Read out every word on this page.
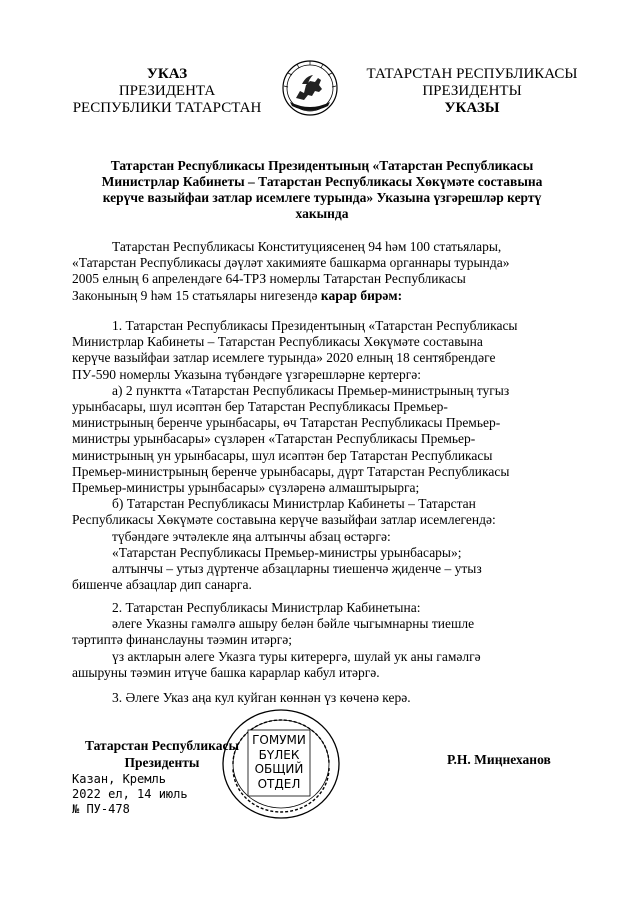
УКАЗ
ПРЕЗИДЕНТА
РЕСПУБЛИКИ ТАТАРСТАН
ТАТАРСТАН РЕСПУБЛИКАСЫ
ПРЕЗИДЕНТЫ
УКАЗЫ
Татарстан Республикасы Президентының «Татарстан Республикасы
Министрлар Кабинеты – Татарстан Республикасы Хөкүмәте составына
керүче вазыйфаи затлар исемлеге турында» Указына үзгәрешләр кертү
хакында
Татарстан Республикасы Конституциясенең 94 һәм 100 статьялары,
«Татарстан Республикасы дәүләт хакимияте башкарма органнары турында»
2005 елның 6 апрелендәге 64-ТРЗ номерлы Татарстан Республикасы
Законының 9 һәм 15 статьялары нигезендә карар бирәм:
1. Татарстан Республикасы Президентының «Татарстан Республикасы
Министрлар Кабинеты – Татарстан Республикасы Хөкүмәте составына
керүче вазыйфаи затлар исемлеге турында» 2020 елның 18 сентябрендәге
ПУ-590 номерлы Указына түбәндәге үзгәрешләрне кертергә:
а) 2 пунктта «Татарстан Республикасы Премьер-министрының тугыз
урынбасары, шул исәптән бер Татарстан Республикасы Премьер-
министрының беренче урынбасары, өч Татарстан Республикасы Премьер-
министры урынбасары» сүзләрен «Татарстан Республикасы Премьер-
министрының ун урынбасары, шул исәптән бер Татарстан Республикасы
Премьер-министрының беренче урынбасары, дүрт Татарстан Республикасы
Премьер-министры урынбасары» сүзләренә алмаштырырга;
б) Татарстан Республикасы Министрлар Кабинеты – Татарстан
Республикасы Хөкүмәте составына керүче вазыйфаи затлар исемлегендә:
түбәндәге эчтәлекле яңа алтынчы абзац өстәргә:
«Татарстан Республикасы Премьер-министры урынбасары»;
алтынчы – утыз дүртенче абзацларны тиешенчә җиденче – утыз
бишенче абзацлар дип санарга.
2. Татарстан Республикасы Министрлар Кабинетына:
әлеге Указны гамәлгә ашыру белән бәйле чыгымнарны тиешле
тәртиптә финанслауны тәэмин итәргә;
үз актларын әлеге Указга туры китерергә, шулай ук аны гамәлгә
ашыруны тәэмин итүче башка карарлар кабул итәргә.
3. Әлеге Указ аңа кул куйган көннән үз көченә керә.
ГОМУМИ
БҮЛЕК
ОБЩИЙ
ОТДЕЛ
Татарстан Республикасы
Президенты	Р.Н. Миңнеханов
Казан, Кремль
2022 ел, 14 июль
№ ПУ-478
